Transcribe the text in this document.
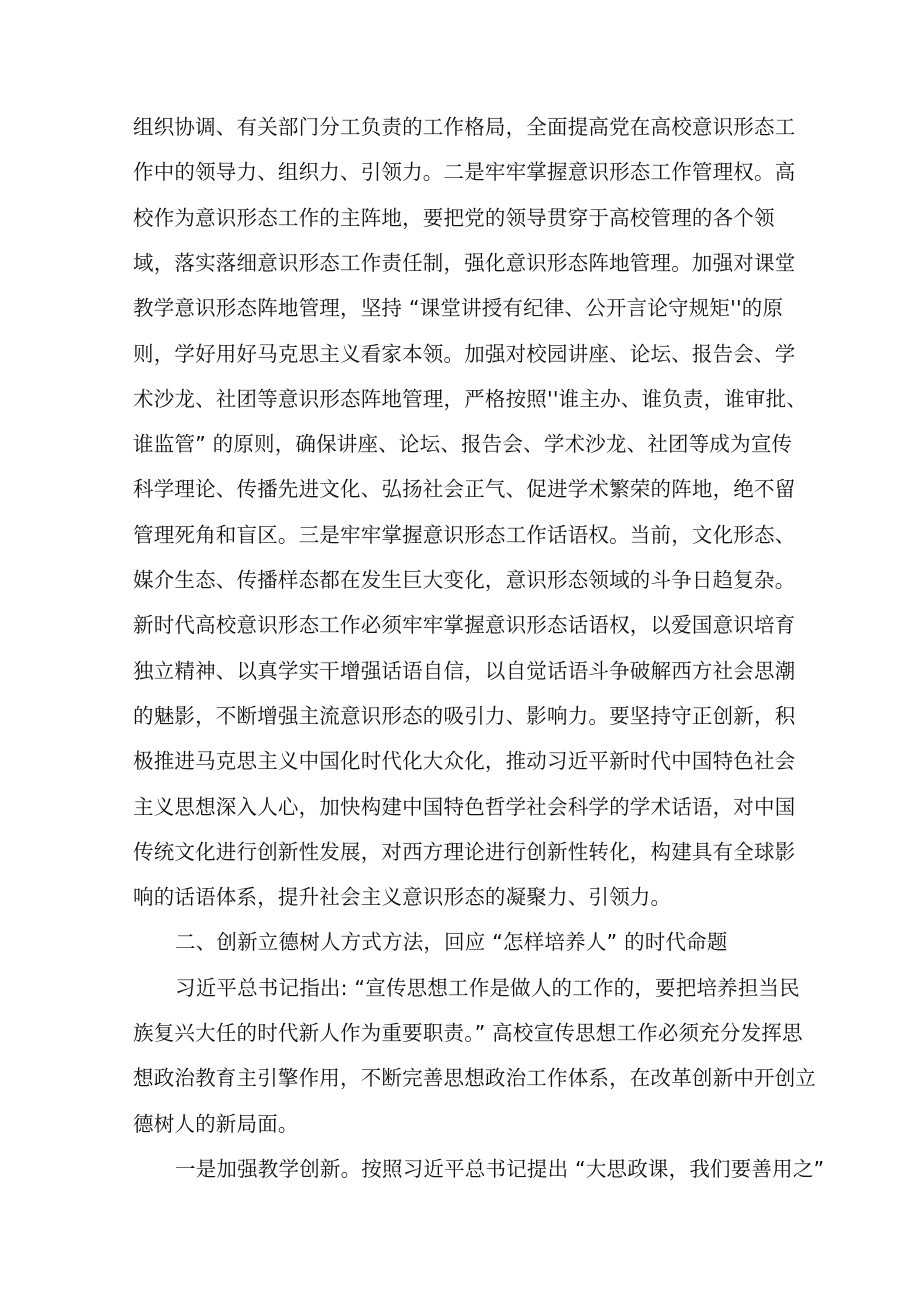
组织协调、有关部门分工负责的工作格局，全面提高党在高校意识形态工
作中的领导力、组织力、引领力。二是牢牢掌握意识形态工作管理权。高
校作为意识形态工作的主阵地，要把党的领导贯穿于高校管理的各个领
域，落实落细意识形态工作责任制，强化意识形态阵地管理。加强对课堂
教学意识形态阵地管理，坚持 “课堂讲授有纪律、公开言论守规矩''的原
则，学好用好马克思主义看家本领。加强对校园讲座、论坛、报告会、学
术沙龙、社团等意识形态阵地管理，严格按照''谁主办、谁负责，谁审批、
谁监管” 的原则，确保讲座、论坛、报告会、学术沙龙、社团等成为宣传
科学理论、传播先进文化、弘扬社会正气、促进学术繁荣的阵地，绝不留
管理死角和盲区。三是牢牢掌握意识形态工作话语权。当前，文化形态、
媒介生态、传播样态都在发生巨大变化，意识形态领域的斗争日趋复杂。
新时代高校意识形态工作必须牢牢掌握意识形态话语权，以爱国意识培育
独立精神、以真学实干增强话语自信，以自觉话语斗争破解西方社会思潮
的魅影，不断增强主流意识形态的吸引力、影响力。要坚持守正创新，积
极推进马克思主义中国化时代化大众化，推动习近平新时代中国特色社会
主义思想深入人心，加快构建中国特色哲学社会科学的学术话语，对中国
传统文化进行创新性发展，对西方理论进行创新性转化，构建具有全球影
响的话语体系，提升社会主义意识形态的凝聚力、引领力。
二、创新立德树人方式方法，回应 “怎样培养人” 的时代命题
习近平总书记指出: “宣传思想工作是做人的工作的，要把培养担当民
族复兴大任的时代新人作为重要职责。” 高校宣传思想工作必须充分发挥思
想政治教育主引擎作用，不断完善思想政治工作体系，在改革创新中开创立
德树人的新局面。
一是加强教学创新。按照习近平总书记提出 “大思政课，我们要善用之”
